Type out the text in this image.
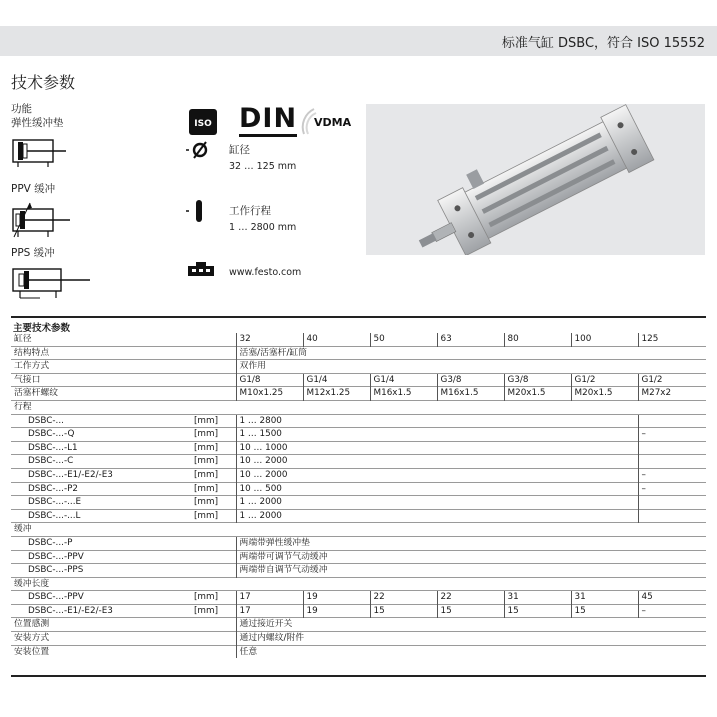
标准气缸 DSBC，符合 ISO 15552
技术参数
功能
弹性缓冲垫
PPV 缓冲
PPS 缓冲
ISO DIN VDMA
缸径
32 … 125 mm
工作行程
1 … 2800 mm
www.festo.com
主要技术参数
缸径		32	40	50	63	80	100	125
结构特点		活塞/活塞杆/缸筒						
工作方式		双作用						
气接口		G1/8	G1/4	G1/4	G3/8	G3/8	G1/2	G1/2
活塞杆螺纹		M10x1.25	M12x1.25	M16x1.5	M16x1.5	M20x1.5	M20x1.5	M27x2
行程								
DSBC-...	[mm]	1 … 2800						
DSBC-...-Q	[mm]	1 … 1500						–
DSBC-...-L1	[mm]	10 … 1000						
DSBC-...-C	[mm]	10 … 2000						
DSBC-...-E1/-E2/-E3	[mm]	10 … 2000						–
DSBC-...-P2	[mm]	10 … 500						–
DSBC-...-...E	[mm]	1 … 2000						
DSBC-...-...L	[mm]	1 … 2000						
缓冲								
DSBC-...-P		两端带弹性缓冲垫						
DSBC-...-PPV		两端带可调节气动缓冲						
DSBC-...-PPS		两端带自调节气动缓冲						
缓冲长度								
DSBC-...-PPV	[mm]	17	19	22	22	31	31	45
DSBC-...-E1/-E2/-E3	[mm]	17	19	15	15	15	15	–
位置感测		通过接近开关						
安装方式		通过内螺纹/附件						
安装位置		任意						
